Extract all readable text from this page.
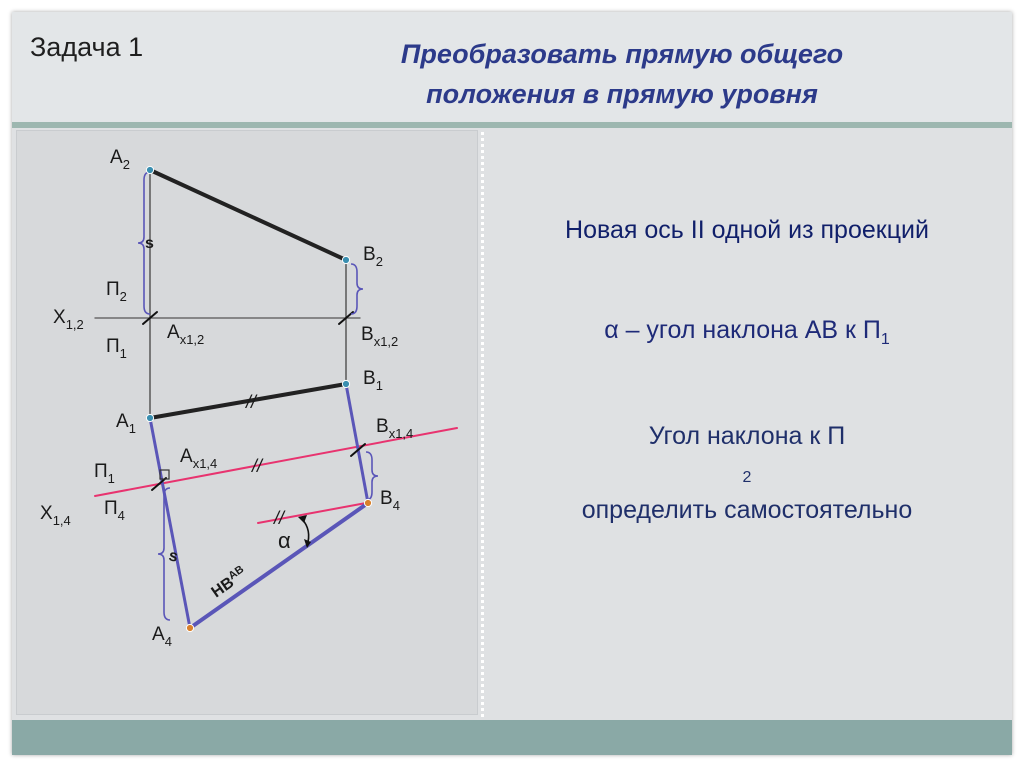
Задача 1	Преобразовать прямую общего
положения в прямую уровня
Новая ось II одной из проекций
α – угол наклона АВ к $П_1$
Угол наклона к П
$_2$
определить самостоятельно
$A_2$
$B_2$
$П_2$
$X_{1,2}$
$П_1$
$A_{x1,2}$	$B_{x1,2}$
$B_1$
$A_1$	$B_{x1,4}$
$A_{x1,4}$
$П_1$
$X_{1,4}$
$П_4$
$B_4$
$A_4$
$НВ^{AB}$
s
s
//
//
//
α
